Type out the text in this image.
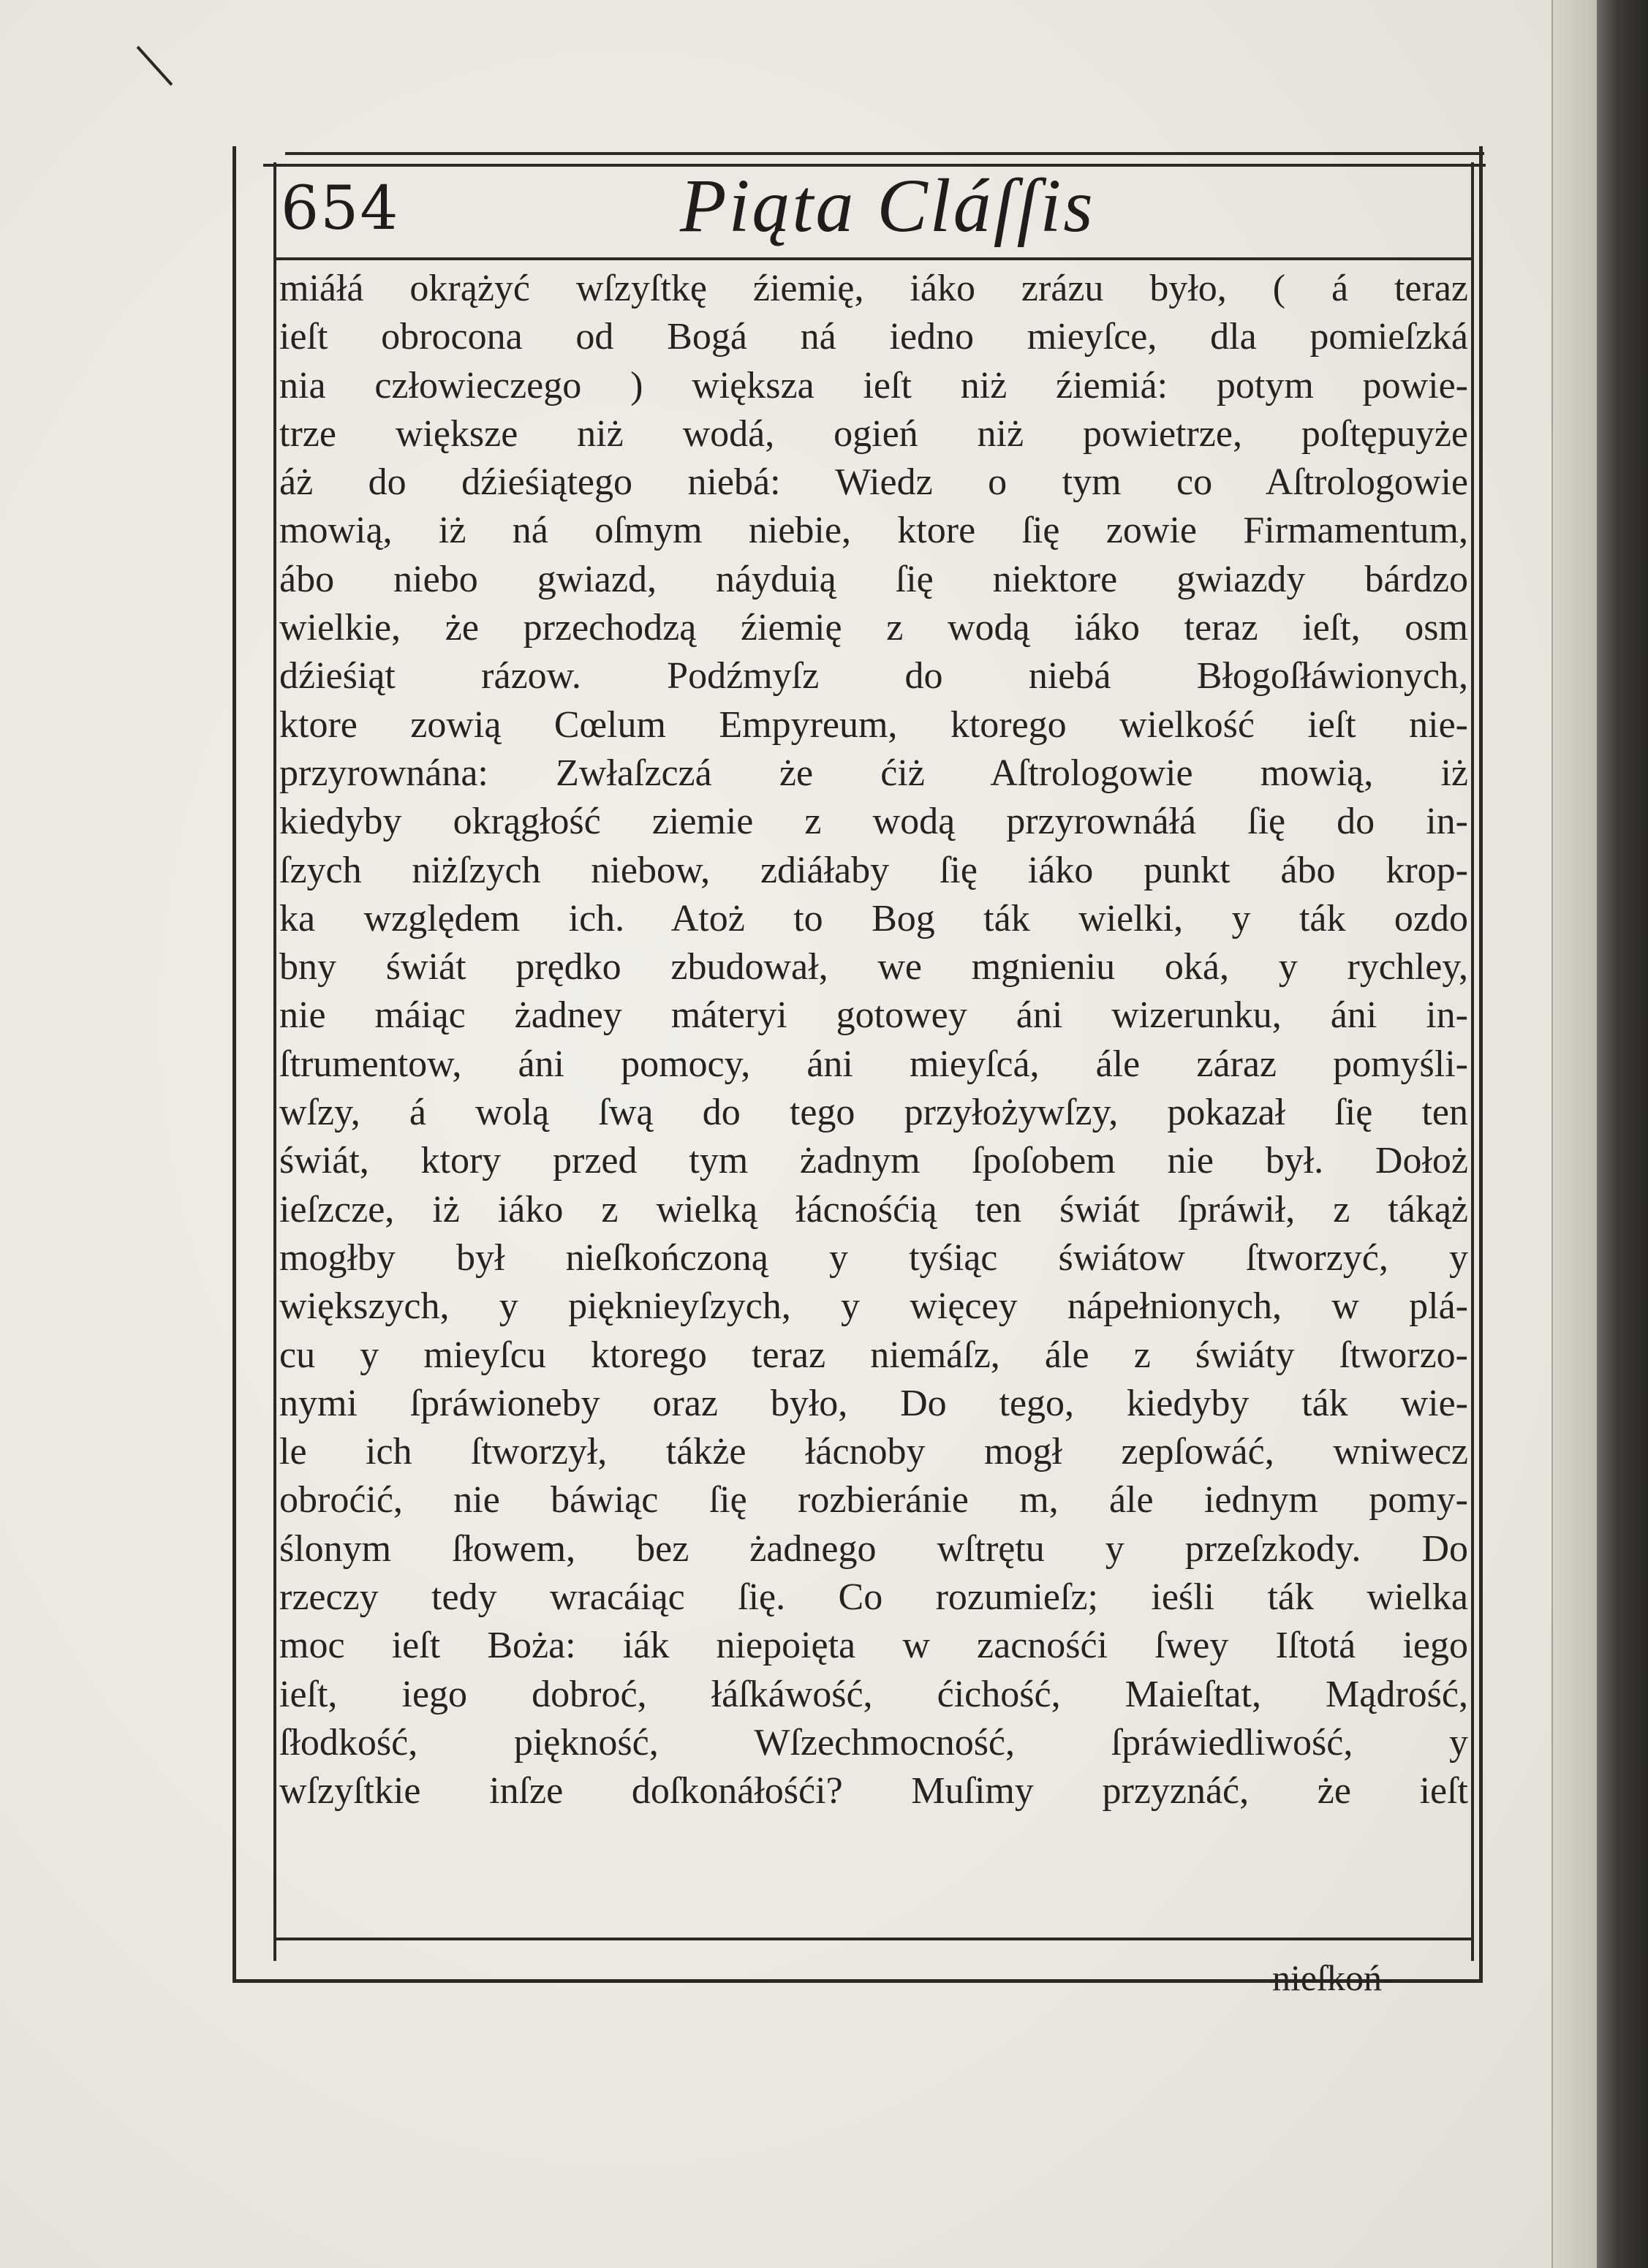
654	Piąta Cláſſis
miáłá okrążyć wſzyſtkę źiemię, iáko zrázu było, ( á teraz
ieſt obrocona od Bogá ná iedno mieyſce, dla pomieſzká
nia człowieczego ) większa ieſt niż źiemiá: potym powie-
trze większe niż wodá, ogień niż powietrze, poſtępuyże
áż do dźieśiątego niebá: Wiedz o tym co Aſtrologowie
mowią, iż ná oſmym niebie, ktore ſię zowie Firmamentum,
ábo niebo gwiazd, náyduią ſię niektore gwiazdy bárdzo
wielkie, że przechodzą źiemię z wodą iáko teraz ieſt, osm
dźieśiąt rázow. Podźmyſz do niebá Błogoſłáwionych,
ktore zowią Cœlum Empyreum, ktorego wielkość ieſt nie-
przyrownána: Zwłaſzczá że ćiż Aſtrologowie mowią, iż
kiedyby okrągłość ziemie z wodą przyrownáłá ſię do in-
ſzych niżſzych niebow, zdiáłaby ſię iáko punkt ábo krop-
ka względem ich. Atoż to Bog ták wielki, y ták ozdo
bny świát prędko zbudował, we mgnieniu oká, y rychley,
nie máiąc żadney máteryi gotowey áni wizerunku, áni in-
ſtrumentow, áni pomocy, áni mieyſcá, ále záraz pomyśli-
wſzy, á wolą ſwą do tego przyłożywſzy, pokazał ſię ten
świát, ktory przed tym żadnym ſpoſobem nie był. Dołoż
ieſzcze, iż iáko z wielką łácnośćią ten świát ſpráwił, z tákąż
mogłby był nieſkończoną y tyśiąc świátow ſtworzyć, y
większych, y pięknieyſzych, y więcey nápełnionych, w plá-
cu y mieyſcu ktorego teraz niemáſz, ále z świáty ſtworzo-
nymi ſpráwioneby oraz było, Do tego, kiedyby ták wie-
le ich ſtworzył, tákże łácnoby mogł zepſowáć, wniwecz
obroćić, nie báwiąc ſię rozbieránie m, ále iednym pomy-
ślonym ſłowem, bez żadnego wſtrętu y przeſzkody. Do
rzeczy tedy wracáiąc ſię. Co rozumieſz; ieśli ták wielka
moc ieſt Boża: iák niepoięta w zacnośći ſwey Iſtotá iego
ieſt, iego dobroć, łáſkáwość, ćichość, Maieſtat, Mądrość,
ſłodkość, piękność, Wſzechmocność, ſpráwiedliwość, y
wſzyſtkie inſze doſkonáłośći? Muſimy przyznáć, że ieſt
nieſkoń-
